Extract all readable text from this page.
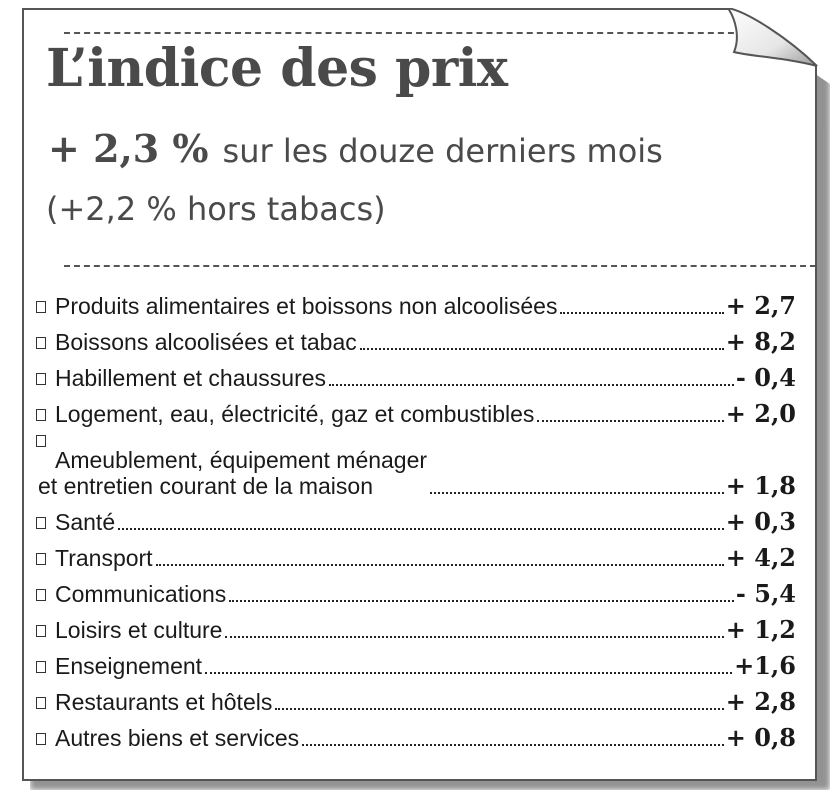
L’indice des prix
+ 2,3 % sur les douze derniers mois
(+2,2 % hors tabacs)
Produits alimentaires et boissons non alcoolisées	+ 2,7
Boissons alcoolisées et tabac	+ 8,2
Habillement et chaussures	- 0,4
Logement, eau, électricité, gaz et combustibles	+ 2,0
Ameublement, équipement ménager
et entretien courant de la maison	+ 1,8
Santé	+ 0,3
Transport	+ 4,2
Communications	- 5,4
Loisirs et culture	+ 1,2
Enseignement	+1,6
Restaurants et hôtels	+ 2,8
Autres biens et services	+ 0,8
